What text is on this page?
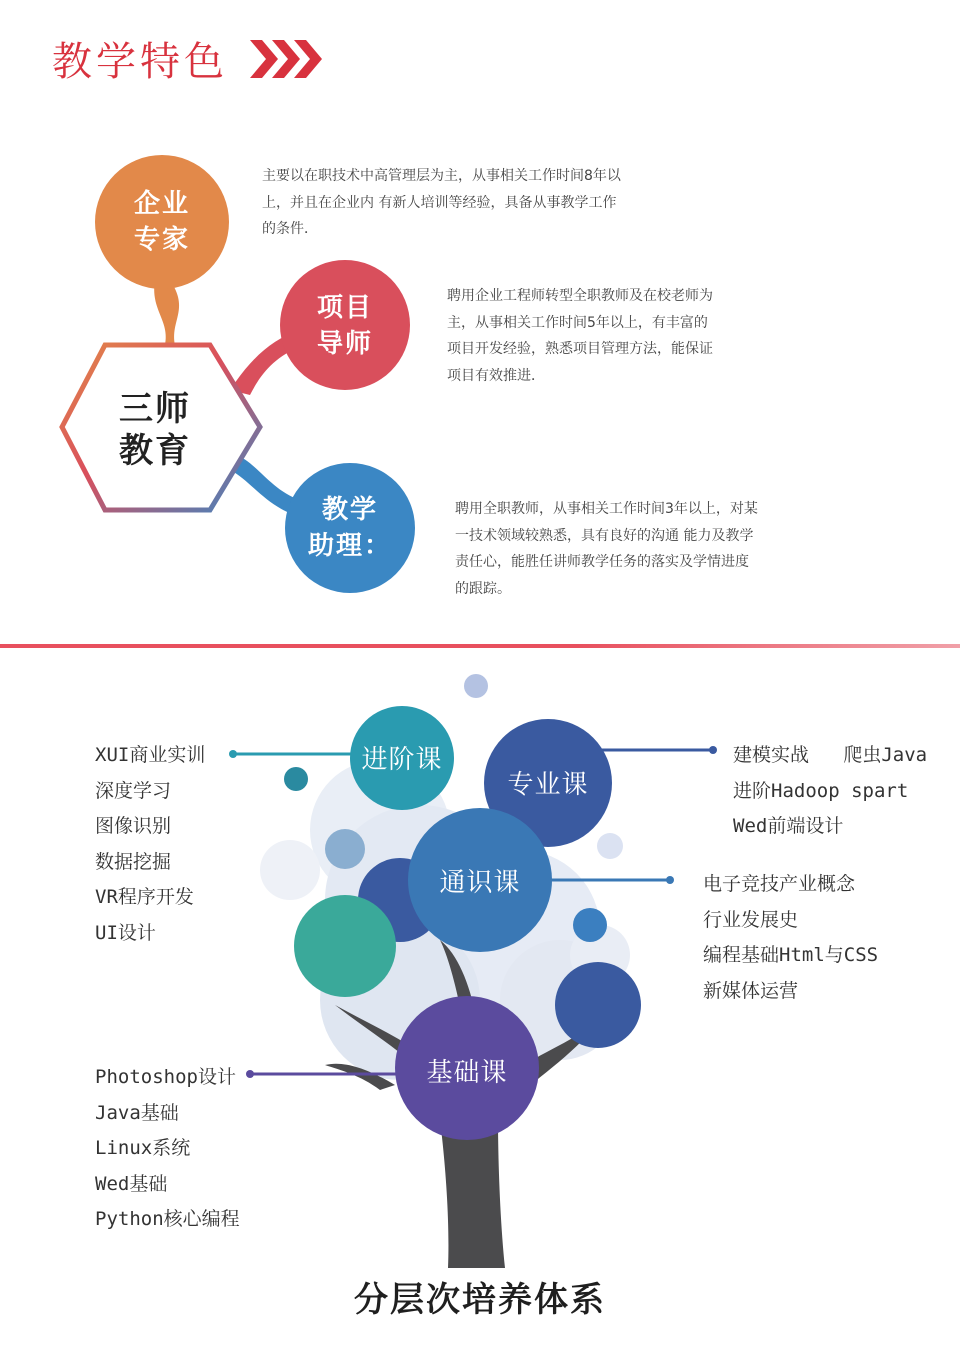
教学特色
三师
教育
企业
专家
项目
导师
教学
助理：
主要以在职技术中高管理层为主，从事相关工作时间8年以
上，并且在企业内 有新人培训等经验，具备从事教学工作
的条件．
聘用企业工程师转型全职教师及在校老师为
主，从事相关工作时间5年以上，有丰富的
项目开发经验，熟悉项目管理方法，能保证
项目有效推进．
聘用全职教师，从事相关工作时间3年以上，对某
一技术领域较熟悉，具有良好的沟通 能力及教学
责任心，能胜任讲师教学任务的落实及学情进度
的跟踪。
进阶课
专业课
通识课
基础课
XUI商业实训
深度学习
图像识别
数据挖掘
VR程序开发
UI设计
建模实战   爬虫Java
进阶Hadoop spart
Wed前端设计
电子竞技产业概念
行业发展史
编程基础Html与CSS
新媒体运营
Photoshop设计
Java基础
Linux系统
Wed基础
Python核心编程
分层次培养体系
